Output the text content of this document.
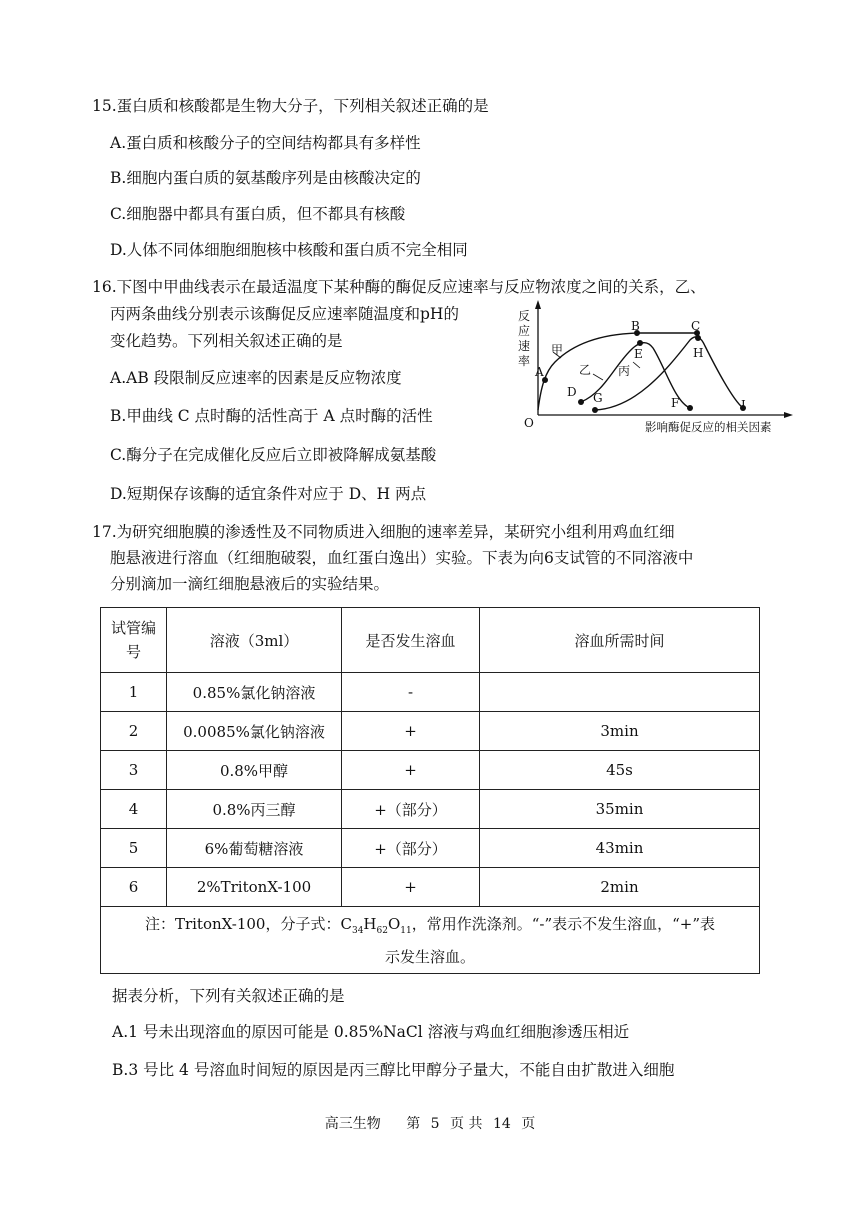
15.蛋白质和核酸都是生物大分子，下列相关叙述正确的是
A.蛋白质和核酸分子的空间结构都具有多样性
B.细胞内蛋白质的氨基酸序列是由核酸决定的
C.细胞器中都具有蛋白质，但不都具有核酸
D.人体不同体细胞细胞核中核酸和蛋白质不完全相同
16.下图中甲曲线表示在最适温度下某种酶的酶促反应速率与反应物浓度之间的关系，乙、
丙两条曲线分别表示该酶促反应速率随温度和pH的
变化趋势。下列相关叙述正确的是
A.AB 段限制反应速率的因素是反应物浓度
B.甲曲线 C 点时酶的活性高于 A 点时酶的活性
C.酶分子在完成催化反应后立即被降解成氨基酸
D.短期保存该酶的适宜条件对应于 D、H 两点
反
应
速
率
O	影响酶促反应的相关因素
甲
乙 丙
A
B	C
D
E
F
G
H
I
17.为研究细胞膜的渗透性及不同物质进入细胞的速率差异，某研究小组利用鸡血红细
胞悬液进行溶血（红细胞破裂，血红蛋白逸出）实验。下表为向6支试管的不同溶液中
分别滴加一滴红细胞悬液后的实验结果。
试管编号	溶液（3ml）	是否发生溶血	溶血所需时间
1	0.85%氯化钠溶液	-	
2	0.0085%氯化钠溶液	+	3min
3	0.8%甲醇	+	45s
4	0.8%丙三醇	+（部分）	35min
5	6%葡萄糖溶液	+（部分）	43min
6	2%TritonX-100	+	2min
注：TritonX-100，分子式：$C_{34}H_{62}O_{11}$，常用作洗涤剂。“-”表示不发生溶血，“+”表
示发生溶血。			
据表分析，下列有关叙述正确的是
A.1 号未出现溶血的原因可能是 0.85%NaCl 溶液与鸡血红细胞渗透压相近
B.3 号比 4 号溶血时间短的原因是丙三醇比甲醇分子量大，不能自由扩散进入细胞
高三生物 第 5 页 共 14 页
